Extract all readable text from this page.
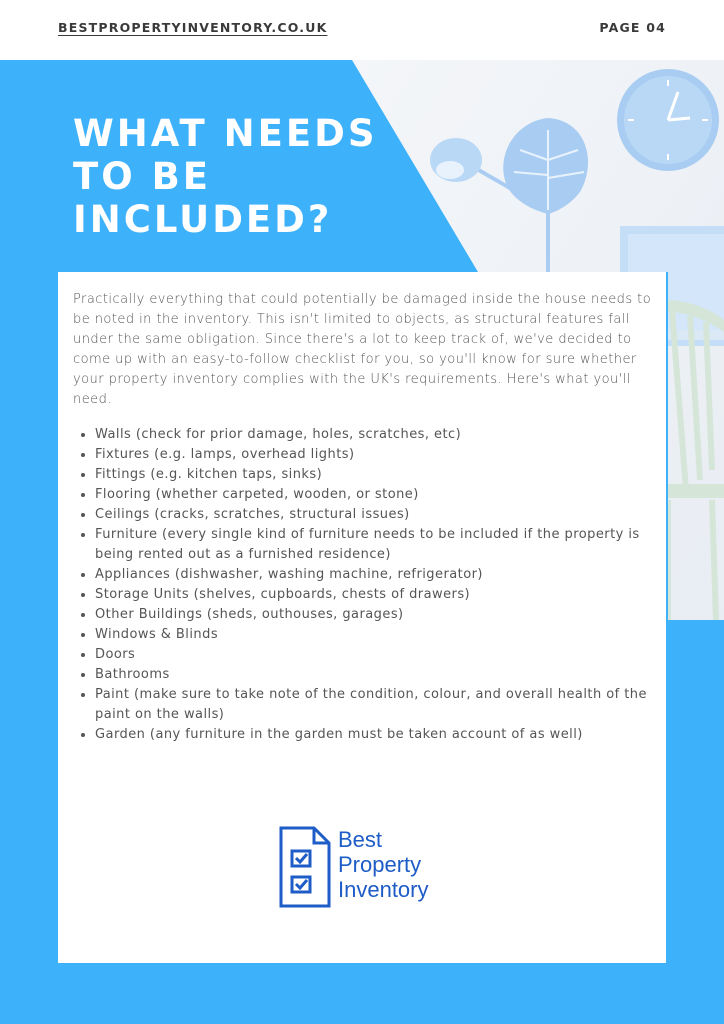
BESTPROPERTYINVENTORY.CO.UK	PAGE 04
WHAT NEEDS TO BE INCLUDED?

Practically everything that could potentially be damaged inside the house needs to be noted in the inventory. This isn't limited to objects, as structural features fall under the same obligation. Since there's a lot to keep track of, we've decided to come up with an easy-to-follow checklist for you, so you'll know for sure whether your property inventory complies with the UK's requirements. Here's what you'll need.

• Walls (check for prior damage, holes, scratches, etc)
• Fixtures (e.g. lamps, overhead lights)
• Fittings (e.g. kitchen taps, sinks)
• Flooring (whether carpeted, wooden, or stone)
• Ceilings (cracks, scratches, structural issues)
• Furniture (every single kind of furniture needs to be included if the property is being rented out as a furnished residence)
• Appliances (dishwasher, washing machine, refrigerator)
• Storage Units (shelves, cupboards, chests of drawers)
• Other Buildings (sheds, outhouses, garages)
• Windows & Blinds
• Doors
• Bathrooms
• Paint (make sure to take note of the condition, colour, and overall health of the paint on the walls)
• Garden (any furniture in the garden must be taken account of as well)
Best
Property
Inventory
